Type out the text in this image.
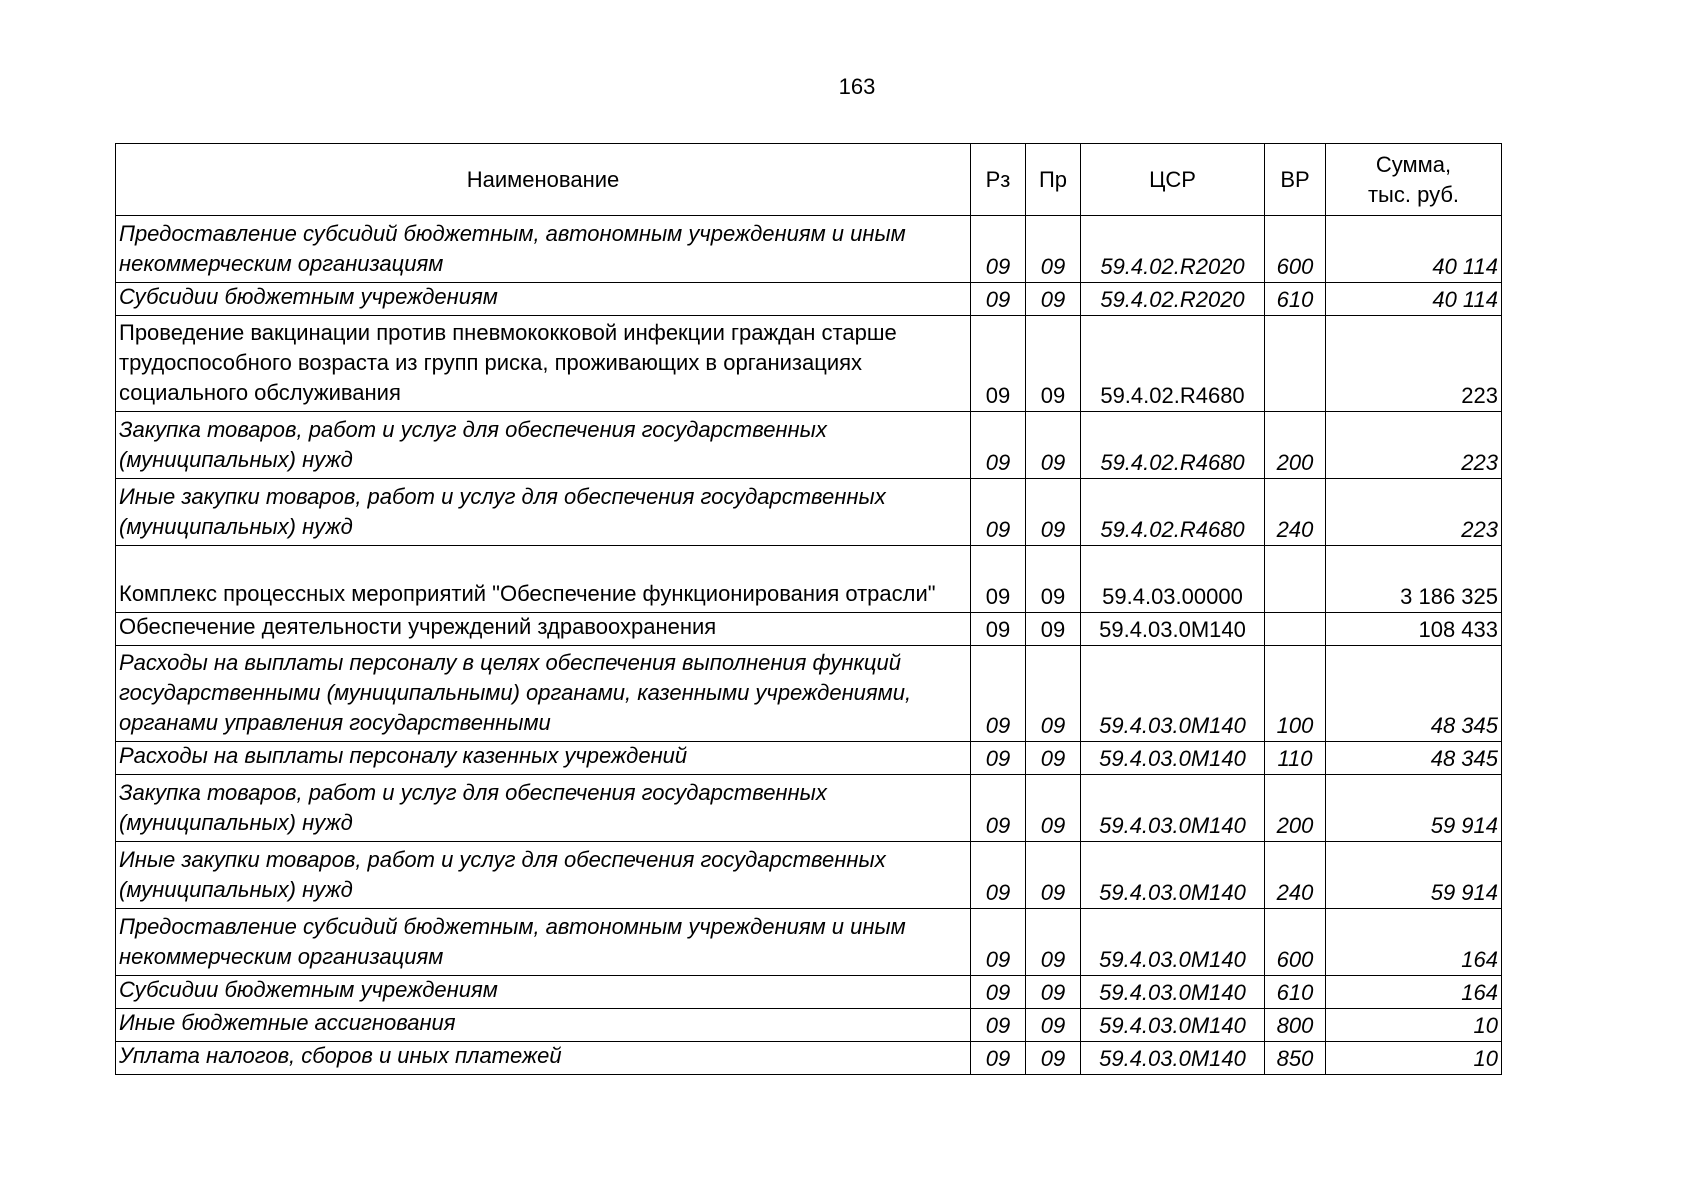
163
Наименование	Рз	Пр	ЦСР	ВР	Сумма,
тыс. руб.
Предоставление субсидий бюджетным, автономным учреждениям и иным некоммерческим организациям	09	09	59.4.02.R2020	600	40 114
Субсидии бюджетным учреждениям	09	09	59.4.02.R2020	610	40 114
Проведение вакцинации против пневмококковой инфекции граждан старше трудоспособного возраста из групп риска, проживающих в организациях социального обслуживания	09	09	59.4.02.R4680		223
Закупка товаров, работ и услуг для обеспечения государственных (муниципальных) нужд	09	09	59.4.02.R4680	200	223
Иные закупки товаров, работ и услуг для обеспечения государственных (муниципальных) нужд	09	09	59.4.02.R4680	240	223
Комплекс процессных мероприятий "Обеспечение функционирования отрасли"	09	09	59.4.03.00000		3 186 325
Обеспечение деятельности учреждений здравоохранения	09	09	59.4.03.0М140		108 433
Расходы на выплаты персоналу в целях обеспечения выполнения функций государственными (муниципальными) органами, казенными учреждениями, органами управления государственными	09	09	59.4.03.0М140	100	48 345
Расходы на выплаты персоналу казенных учреждений	09	09	59.4.03.0М140	110	48 345
Закупка товаров, работ и услуг для обеспечения государственных (муниципальных) нужд	09	09	59.4.03.0М140	200	59 914
Иные закупки товаров, работ и услуг для обеспечения государственных (муниципальных) нужд	09	09	59.4.03.0М140	240	59 914
Предоставление субсидий бюджетным, автономным учреждениям и иным некоммерческим организациям	09	09	59.4.03.0М140	600	164
Субсидии бюджетным учреждениям	09	09	59.4.03.0М140	610	164
Иные бюджетные ассигнования	09	09	59.4.03.0М140	800	10
Уплата налогов, сборов и иных платежей	09	09	59.4.03.0М140	850	10
